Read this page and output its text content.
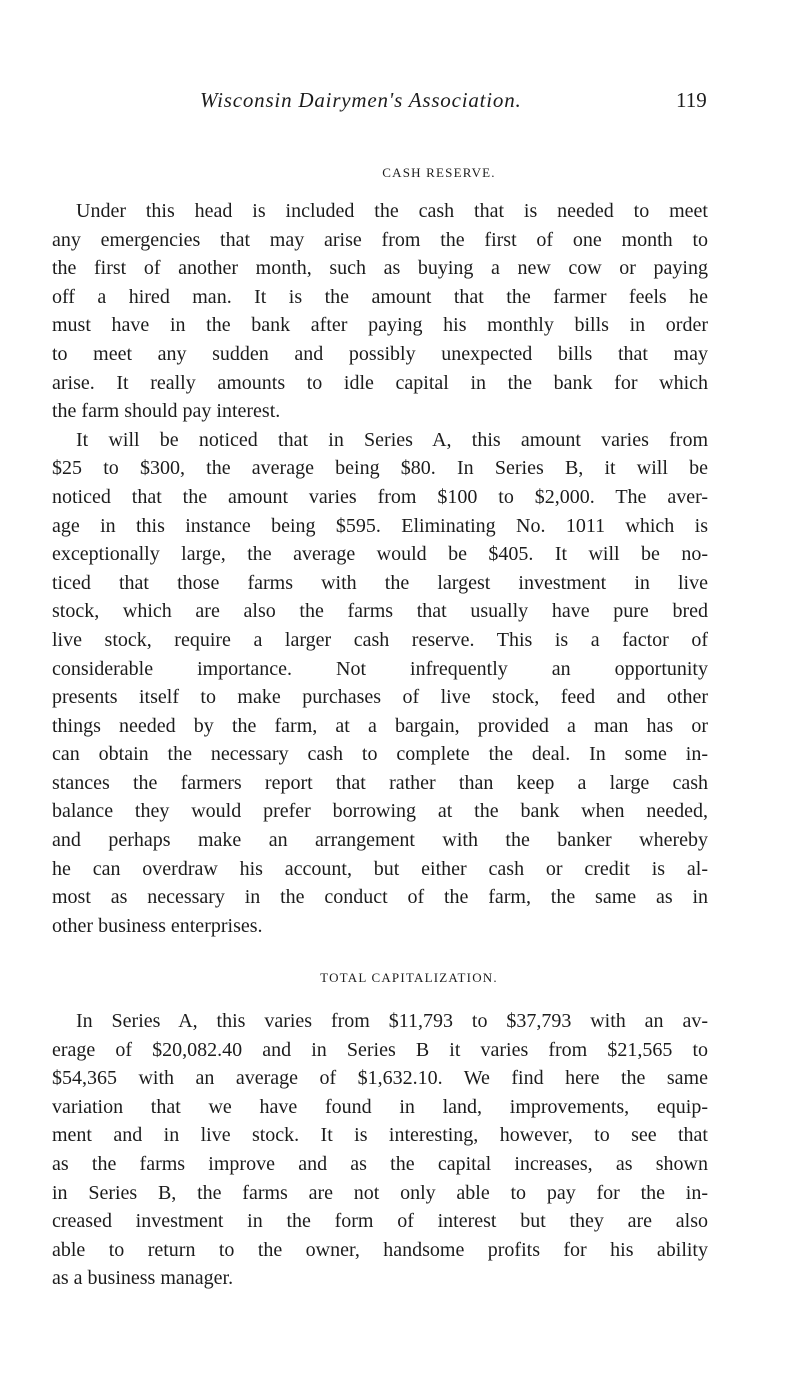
Wisconsin Dairymen's Association.	119
CASH RESERVE.
Under this head is included the cash that is needed to meet
any emergencies that may arise from the first of one month to
the first of another month, such as buying a new cow or paying
off a hired man. It is the amount that the farmer feels he
must have in the bank after paying his monthly bills in order
to meet any sudden and possibly unexpected bills that may
arise. It really amounts to idle capital in the bank for which
the farm should pay interest.
It will be noticed that in Series A, this amount varies from
$25 to $300, the average being $80. In Series B, it will be
noticed that the amount varies from $100 to $2,000. The aver-
age in this instance being $595. Eliminating No. 1011 which is
exceptionally large, the average would be $405. It will be no-
ticed that those farms with the largest investment in live
stock, which are also the farms that usually have pure bred
live stock, require a larger cash reserve. This is a factor of
considerable importance. Not infrequently an opportunity
presents itself to make purchases of live stock, feed and other
things needed by the farm, at a bargain, provided a man has or
can obtain the necessary cash to complete the deal. In some in-
stances the farmers report that rather than keep a large cash
balance they would prefer borrowing at the bank when needed,
and perhaps make an arrangement with the banker whereby
he can overdraw his account, but either cash or credit is al-
most as necessary in the conduct of the farm, the same as in
other business enterprises.
TOTAL CAPITALIZATION.
In Series A, this varies from $11,793 to $37,793 with an av-
erage of $20,082.40 and in Series B it varies from $21,565 to
$54,365 with an average of $1,632.10. We find here the same
variation that we have found in land, improvements, equip-
ment and in live stock. It is interesting, however, to see that
as the farms improve and as the capital increases, as shown
in Series B, the farms are not only able to pay for the in-
creased investment in the form of interest but they are also
able to return to the owner, handsome profits for his ability
as a business manager.
